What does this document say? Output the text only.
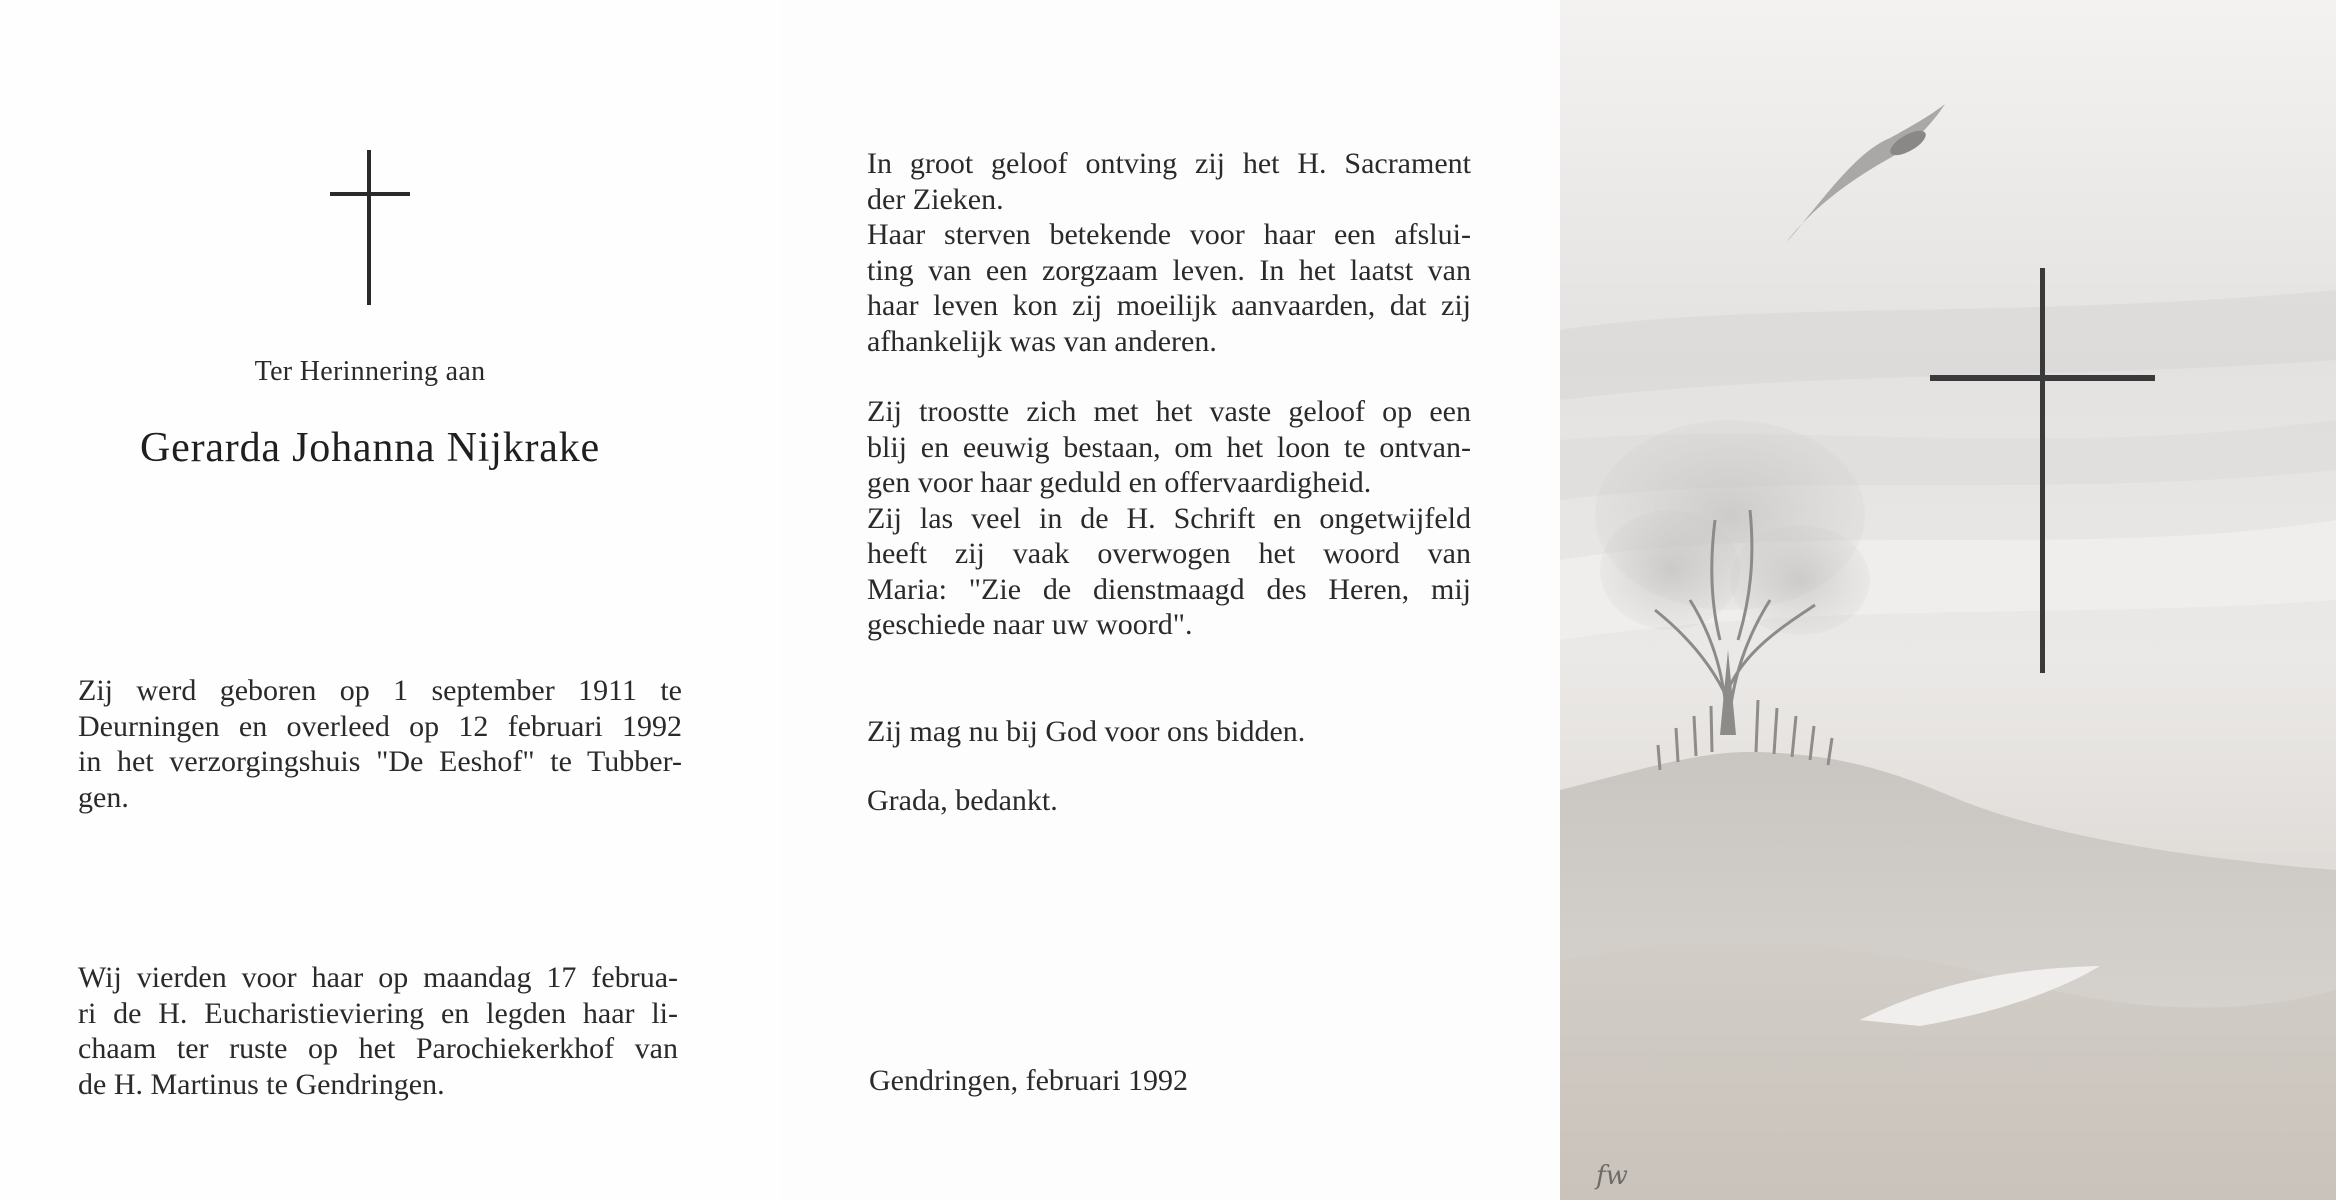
Ter Herinnering aan
Gerarda Johanna Nijkrake
Zij werd geboren op 1 september 1911 te
Deurningen en overleed op 12 februari 1992
in het verzorgingshuis "De Eeshof" te Tubber-
gen.
Wij vierden voor haar op maandag 17 februa-
ri de H. Eucharistieviering en legden haar li-
chaam ter ruste op het Parochiekerkhof van
de H. Martinus te Gendringen.
In groot geloof ontving zij het H. Sacrament
der Zieken.
Haar sterven betekende voor haar een afslui-
ting van een zorgzaam leven. In het laatst van
haar leven kon zij moeilijk aanvaarden, dat zij
afhankelijk was van anderen.
Zij troostte zich met het vaste geloof op een
blij en eeuwig bestaan, om het loon te ontvan-
gen voor haar geduld en offervaardigheid.
Zij las veel in de H. Schrift en ongetwijfeld
heeft zij vaak overwogen het woord van
Maria: "Zie de dienstmaagd des Heren, mij
geschiede naar uw woord".
Zij mag nu bij God voor ons bidden.
Grada, bedankt.
Gendringen, februari 1992
fw
